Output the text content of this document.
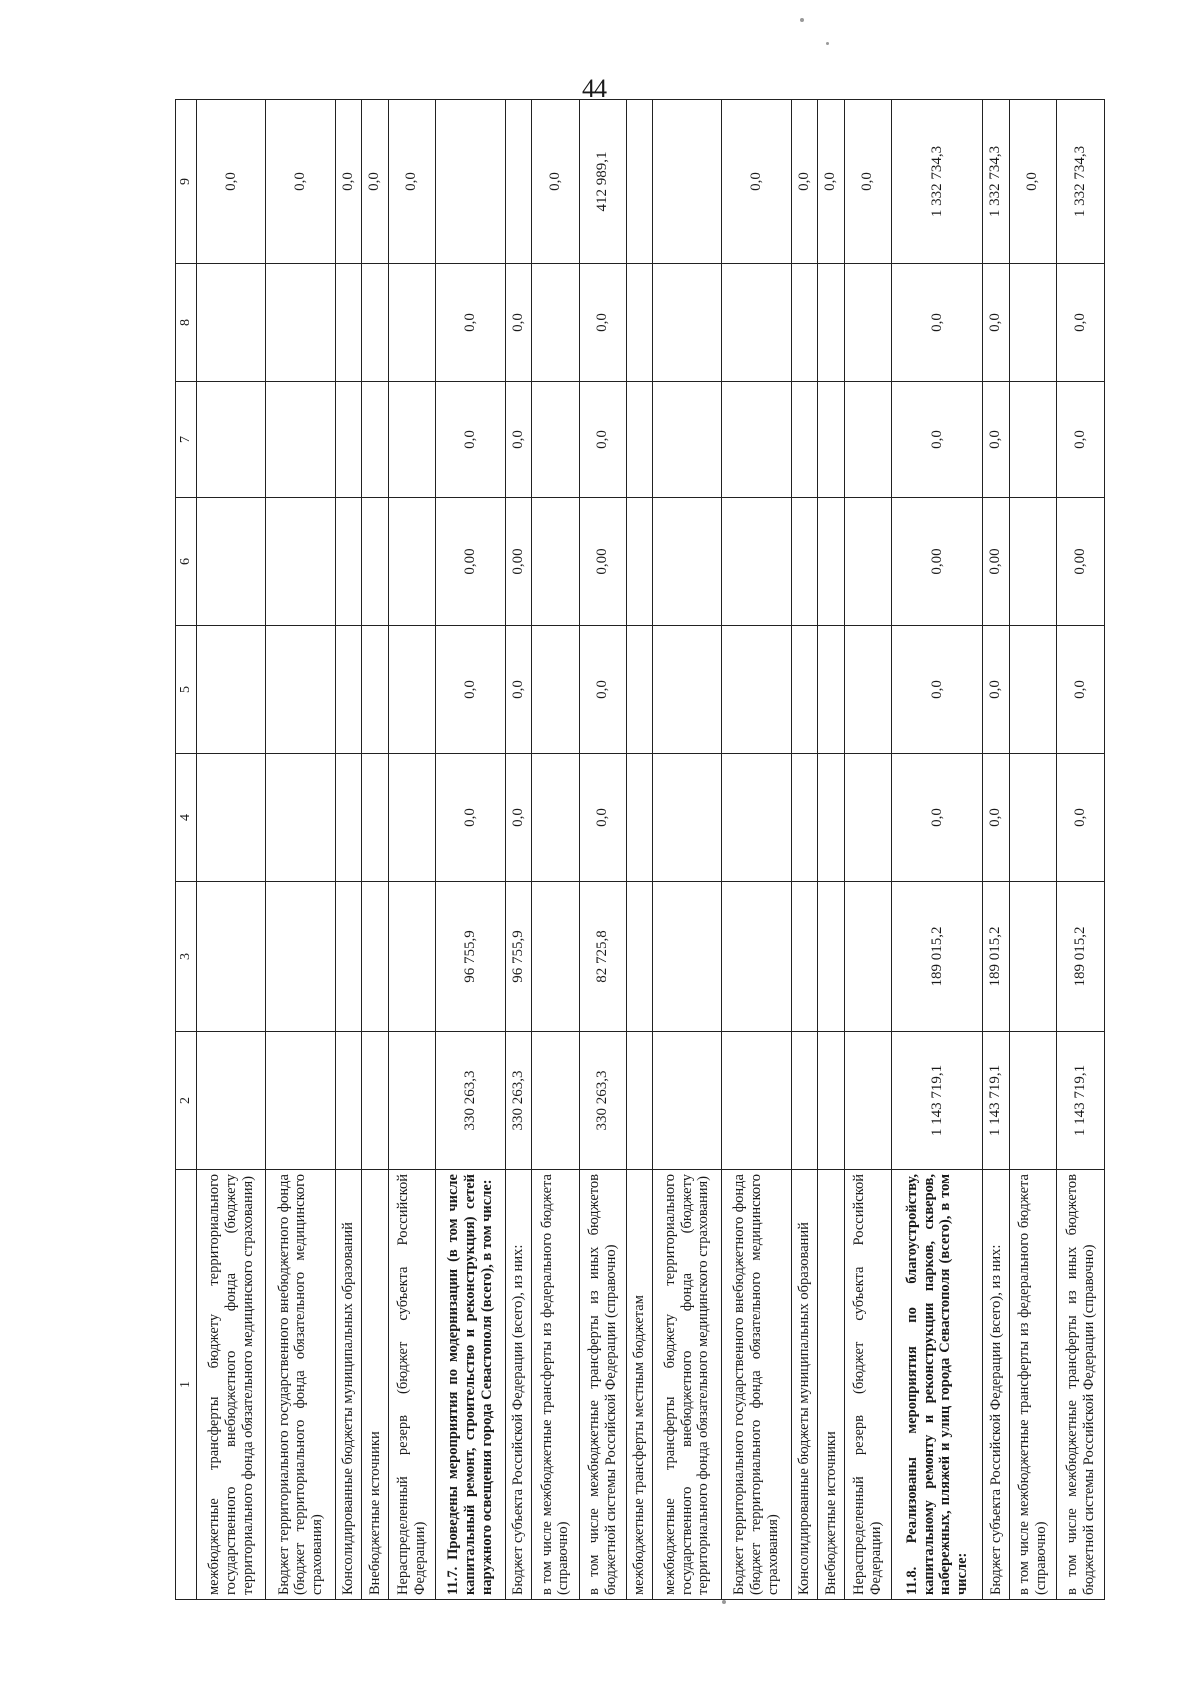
44
1	2	3	4	5	6	7	8	9
межбюджетные трансферты бюджету территориального государственного внебюджетного фонда (бюджету территориального фонда обязательного медицинского страхования)								0,0
Бюджет территориального государственного внебюджетного фонда (бюджет территориального фонда обязательного медицинского страхования)								0,0
Консолидированные бюджеты муниципальных образований								0,0
Внебюджетные источники								0,0
Нераспределенный резерв (бюджет субъекта Российской Федерации)								0,0
11.7. Проведены мероприятия по модернизации (в том числе капитальный ремонт, строительство и реконструкция) сетей наружного освещения города Севастополя (всего), в том числе:	330 263,3	96 755,9	0,0	0,0	0,00	0,0	0,0	
Бюджет субъекта Российской Федерации (всего), из них:	330 263,3	96 755,9	0,0	0,0	0,00	0,0	0,0	
в том числе межбюджетные трансферты из федерального бюджета (справочно)								0,0
в том числе межбюджетные трансферты из иных бюджетов бюджетной системы Российской Федерации (справочно)	330 263,3	82 725,8	0,0	0,0	0,00	0,0	0,0	412 989,1
межбюджетные трансферты местным бюджетам								
межбюджетные трансферты бюджету территориального государственного внебюджетного фонда (бюджету территориального фонда обязательного медицинского страхования)								
Бюджет территориального государственного внебюджетного фонда (бюджет территориального фонда обязательного медицинского страхования)								0,0
Консолидированные бюджеты муниципальных образований								0,0
Внебюджетные источники								0,0
Нераспределенный резерв (бюджет субъекта Российской Федерации)								0,0
11.8. Реализованы мероприятия по благоустройству, капитальному ремонту и реконструкции парков, скверов, набережных, пляжей и улиц города Севастополя (всего), в том числе:	1 143 719,1	189 015,2	0,0	0,0	0,00	0,0	0,0	1 332 734,3
Бюджет субъекта Российской Федерации (всего), из них:	1 143 719,1	189 015,2	0,0	0,0	0,00	0,0	0,0	1 332 734,3
в том числе межбюджетные трансферты из федерального бюджета (справочно)								0,0
в том числе межбюджетные трансферты из иных бюджетов бюджетной системы Российской Федерации (справочно)	1 143 719,1	189 015,2	0,0	0,0	0,00	0,0	0,0	1 332 734,3
